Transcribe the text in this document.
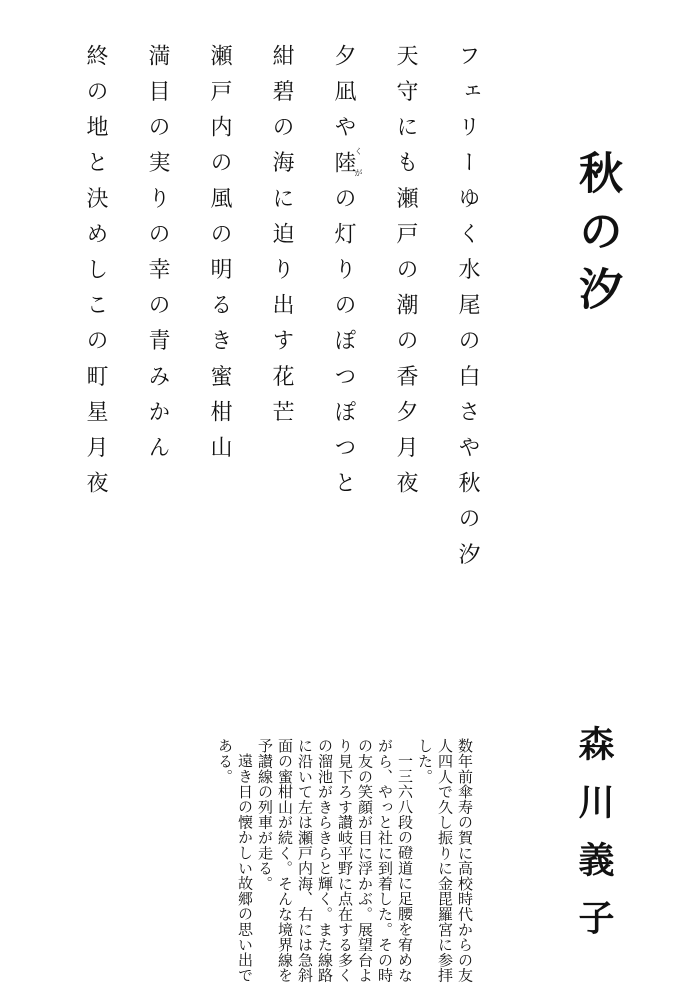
秋の汐
フェリーゆく水尾の白さや秋の汐
天守にも瀬戸の潮の香夕月夜
夕凪や陸くがの灯りのぽつぽつと
紺碧の海に迫り出す花芒
瀬戸内の風の明るき蜜柑山
満目の実りの幸の青みかん
終の地と決めしこの町星月夜
森川義子

数年前傘寿の賀に高校時代からの友人四人で久し振りに金毘羅宮に参拝した。

一三六八段の磴道に足腰を宥めながら、やっと社に到着した。その時の友の笑顔が目に浮かぶ。展望台より見下ろす讃岐平野に点在する多くの溜池がきらきらと輝く。また線路に沿いて左は瀬戸内海、右には急斜面の蜜柑山が続く。そんな境界線を予讃線の列車が走る。

遠き日の懐かしい故郷の思い出である。
